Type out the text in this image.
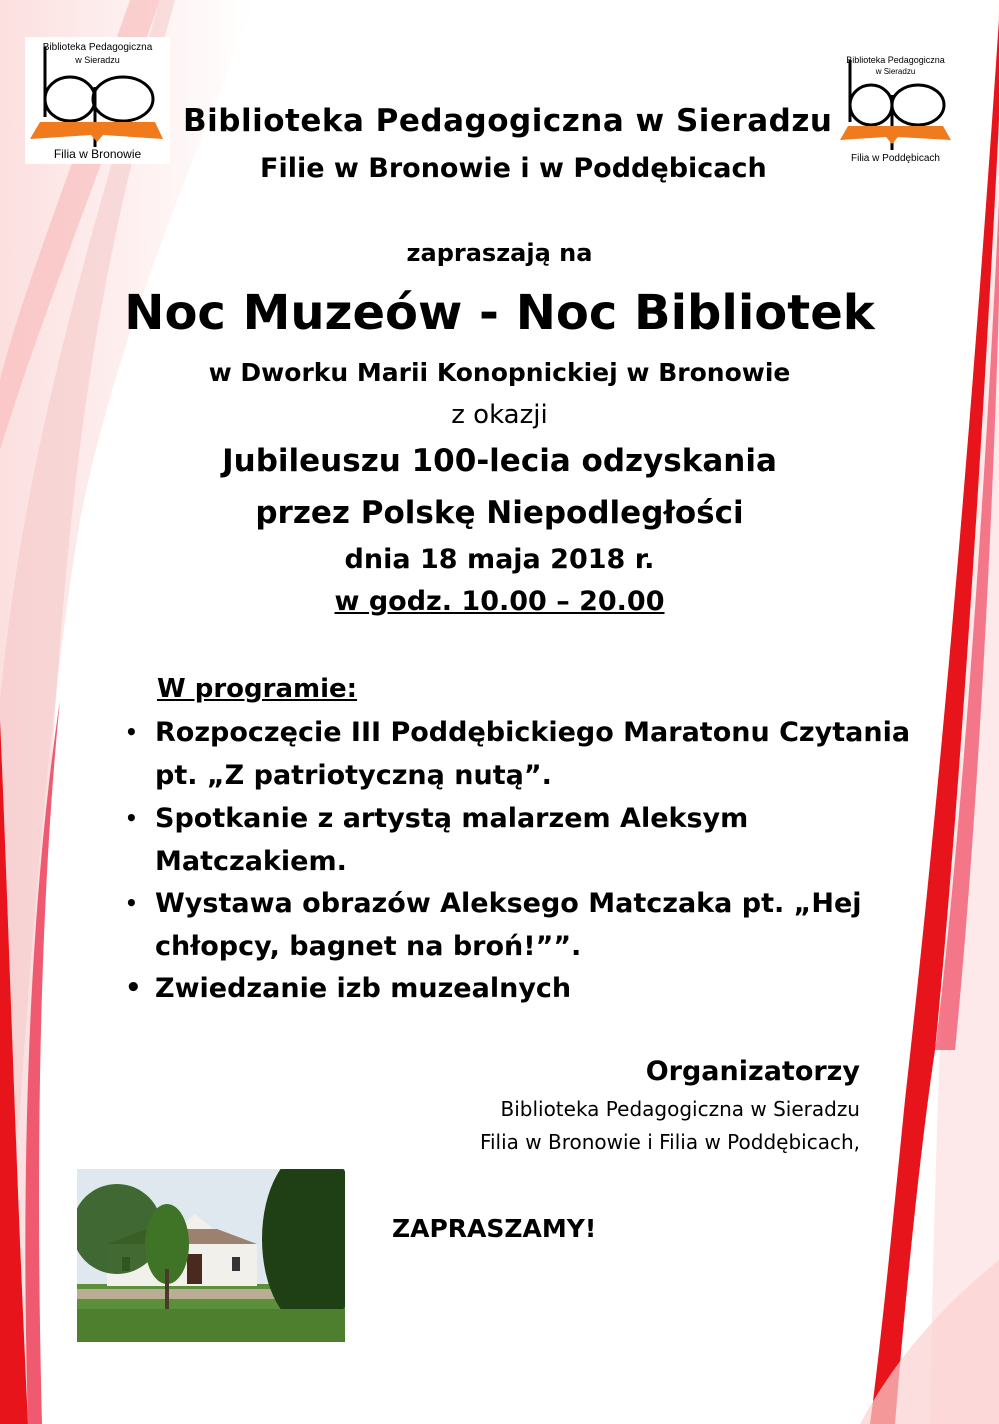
Biblioteka Pedagogiczna
w Sieradzu
Filia w Bronowie
Biblioteka Pedagogiczna
w Sieradzu
Filia w Poddębicach
Biblioteka Pedagogiczna w Sieradzu
Filie w Bronowie i w Poddębicach
zapraszają na
Noc Muzeów - Noc Bibliotek
w Dworku Marii Konopnickiej w Bronowie
z okazji
Jubileuszu 100-lecia odzyskania
przez Polskę Niepodległości
dnia 18 maja 2018 r.
w godz. 10.00 – 20.00
W programie:
• Rozpoczęcie III Poddębickiego Maratonu Czytania
pt. „Z patriotyczną nutą”.
• Spotkanie z artystą malarzem Aleksym
Matczakiem.
• Wystawa obrazów Aleksego Matczaka pt. „Hej
chłopcy, bagnet na broń!””.
• Zwiedzanie izb muzealnych
Organizatorzy
Biblioteka Pedagogiczna w Sieradzu
Filia w Bronowie i Filia w Poddębicach,
ZAPRASZAMY!
